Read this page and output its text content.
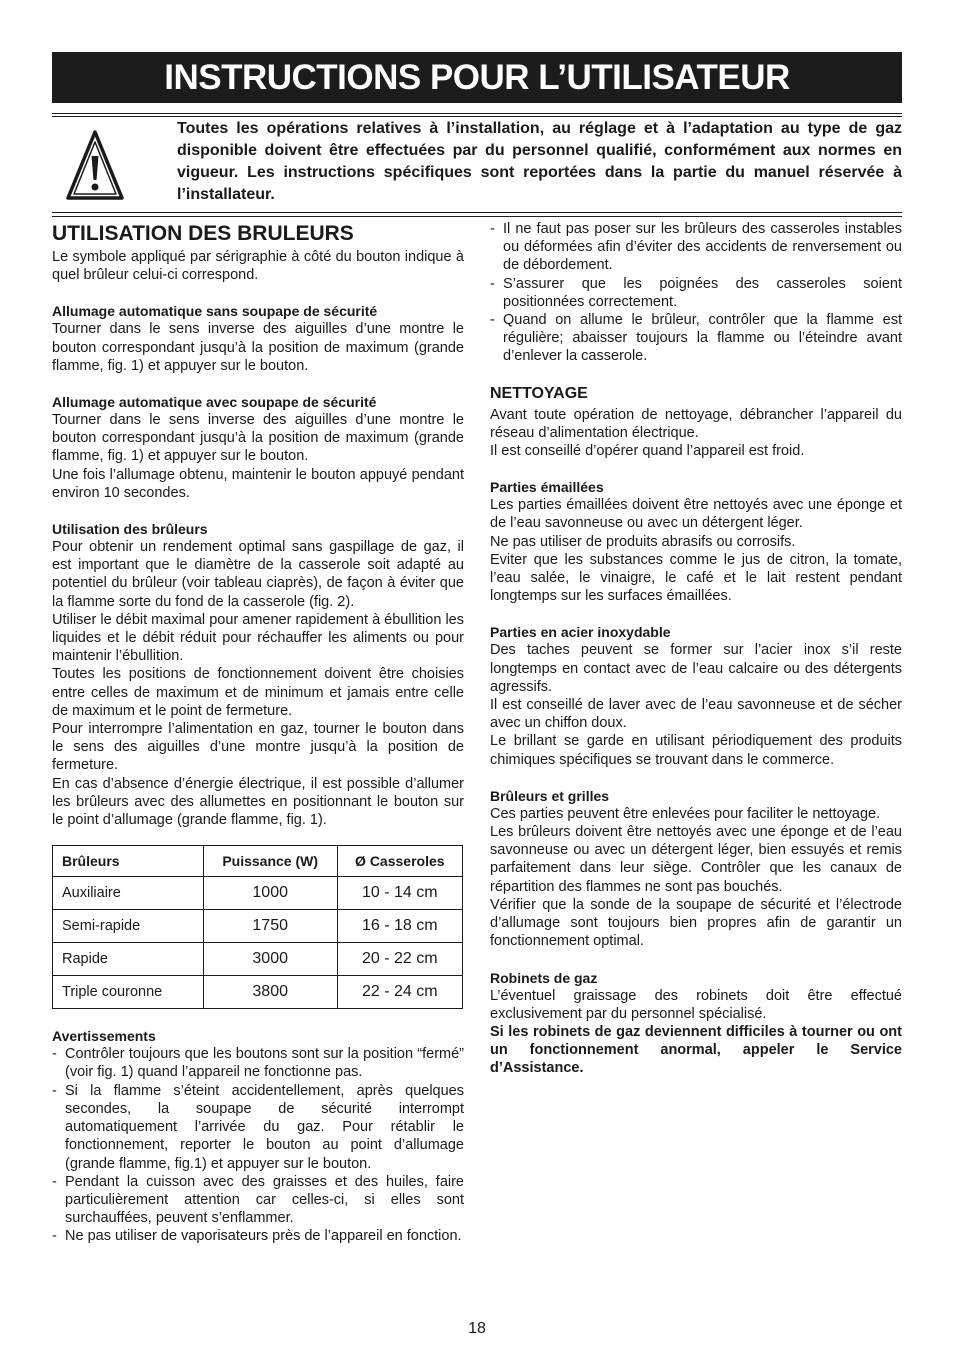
INSTRUCTIONS POUR L’UTILISATEUR
Toutes les opérations relatives à l’installation, au réglage et à l’adaptation au type de gaz disponible doivent être effectuées par du personnel qualifié, conformément aux normes en vigueur. Les instructions spécifiques sont reportées dans la partie du manuel réservée à l’installateur.
UTILISATION DES BRULEURS

Le symbole appliqué par sérigraphie à côté du bouton indique à quel brûleur celui-ci correspond.

Allumage automatique sans soupape de sécurité

Tourner dans le sens inverse des aiguilles d’une montre le bouton correspondant jusqu’à la position de maximum (grande flamme, fig. 1) et appuyer sur le bouton.

Allumage automatique avec soupape de sécurité

Tourner dans le sens inverse des aiguilles d’une montre le bouton correspondant jusqu’à la position de maximum (grande flamme, fig. 1) et appuyer sur le bouton.

Une fois l’allumage obtenu, maintenir le bouton appuyé pendant environ 10 secondes.

Utilisation des brûleurs

Pour obtenir un rendement optimal sans gaspillage de gaz, il est important que le diamètre de la casserole soit adapté au potentiel du brûleur (voir tableau ciaprès), de façon à éviter que la flamme sorte du fond de la casserole (fig. 2).

Utiliser le débit maximal pour amener rapidement à ébullition les liquides et le débit réduit pour réchauffer les aliments ou pour maintenir l’ébullition.

Toutes les positions de fonctionnement doivent être choisies entre celles de maximum et de minimum et jamais entre celle de maximum et le point de fermeture.

Pour interrompre l’alimentation en gaz, tourner le bouton dans le sens des aiguilles d’une montre jusqu’à la position de fermeture.

En cas d’absence d’énergie électrique, il est possible d’allumer les brûleurs avec des allumettes en positionnant le bouton sur le point d’allumage (grande flamme, fig. 1).

Brûleurs	Puissance (W)	Ø Casseroles
Auxiliaire	1000	10 - 14 cm
Semi-rapide	1750	16 - 18 cm
Rapide	3000	20 - 22 cm
Triple couronne	3800	22 - 24 cm
Avertissements
- Contrôler toujours que les boutons sont sur la position “fermé” (voir fig. 1) quand l’appareil ne fonctionne pas.
- Si la flamme s’éteint accidentellement, après quelques secondes, la soupape de sécurité interrompt automatiquement l’arrivée du gaz. Pour rétablir le fonctionnement, reporter le bouton au point d’allumage (grande flamme, fig.1) et appuyer sur le bouton.
- Pendant la cuisson avec des graisses et des huiles, faire particulièrement attention car celles-ci, si elles sont surchauffées, peuvent s’enflammer.
- Ne pas utiliser de vaporisateurs près de l’appareil en fonction.
- Il ne faut pas poser sur les brûleurs des casseroles instables ou déformées afin d’éviter des accidents de renversement ou de débordement.
- S’assurer que les poignées des casseroles soient positionnées correctement.
- Quand on allume le brûleur, contrôler que la flamme est régulière; abaisser toujours la flamme ou l’éteindre avant d’enlever la casserole.
NETTOYAGE

Avant toute opération de nettoyage, débrancher l’appareil du réseau d’alimentation électrique.

Il est conseillé d’opérer quand l’appareil est froid.

Parties émaillées

Les parties émaillées doivent être nettoyés avec une éponge et de l’eau savonneuse ou avec un détergent léger.

Ne pas utiliser de produits abrasifs ou corrosifs.

Eviter que les substances comme le jus de citron, la tomate, l’eau salée, le vinaigre, le café et le lait restent pendant longtemps sur les surfaces émaillées.

Parties en acier inoxydable

Des taches peuvent se former sur l’acier inox s’il reste longtemps en contact avec de l’eau calcaire ou des détergents agressifs.

Il est conseillé de laver avec de l’eau savonneuse et de sécher avec un chiffon doux.

Le brillant se garde en utilisant périodiquement des produits chimiques spécifiques se trouvant dans le commerce.

Brûleurs et grilles

Ces parties peuvent être enlevées pour faciliter le nettoyage.

Les brûleurs doivent être nettoyés avec une éponge et de l’eau savonneuse ou avec un détergent léger, bien essuyés et remis parfaitement dans leur siège. Contrôler que les canaux de répartition des flammes ne sont pas bouchés.

Vérifier que la sonde de la soupape de sécurité et l’électrode d’allumage sont toujours bien propres afin de garantir un fonctionnement optimal.

Robinets de gaz

L’éventuel graissage des robinets doit être effectué exclusivement par du personnel spécialisé.

Si les robinets de gaz deviennent difficiles à tourner ou ont un fonctionnement anormal, appeler le Service d’Assistance.

18
